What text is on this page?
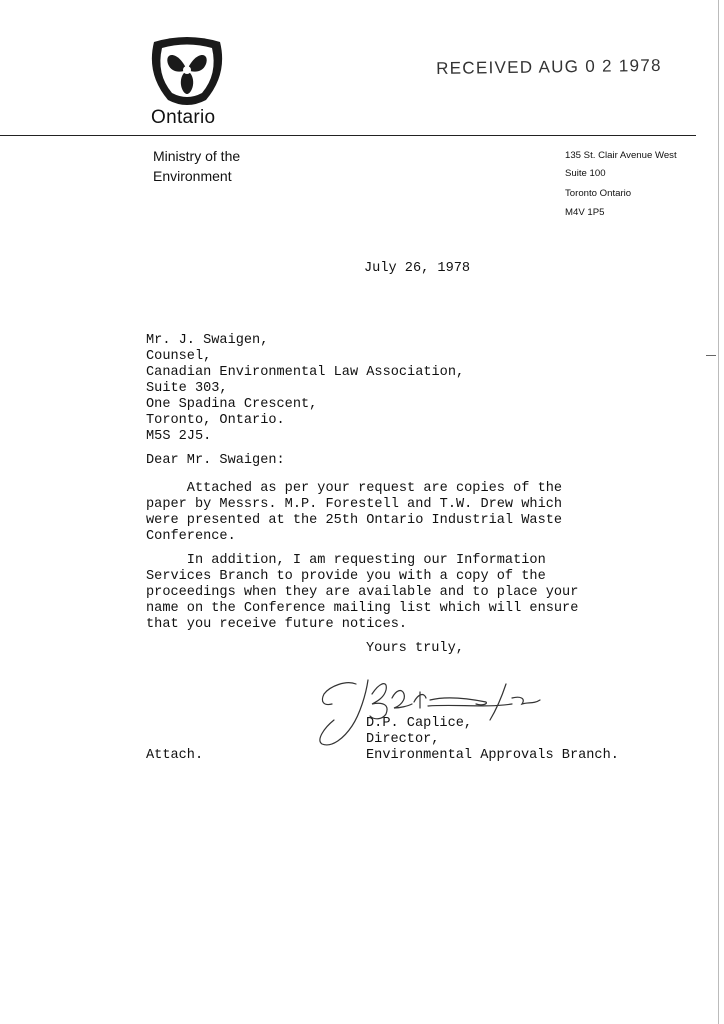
Ontario
RECEIVED AUG 0 2 1978
Ministry of the
Environment
135 St. Clair Avenue West
Suite 100
Toronto Ontario
M4V 1P5
July 26, 1978
Mr. J. Swaigen,
Counsel,
Canadian Environmental Law Association,
Suite 303,
One Spadina Crescent,
Toronto, Ontario.
M5S 2J5.
Dear Mr. Swaigen:
Attached as per your request are copies of the
paper by Messrs. M.P. Forestell and T.W. Drew which
were presented at the 25th Ontario Industrial Waste
Conference.
In addition, I am requesting our Information
Services Branch to provide you with a copy of the
proceedings when they are available and to place your
name on the Conference mailing list which will ensure
that you receive future notices.
Yours truly,
D.P. Caplice,
Director,
Environmental Approvals Branch.
Attach.
